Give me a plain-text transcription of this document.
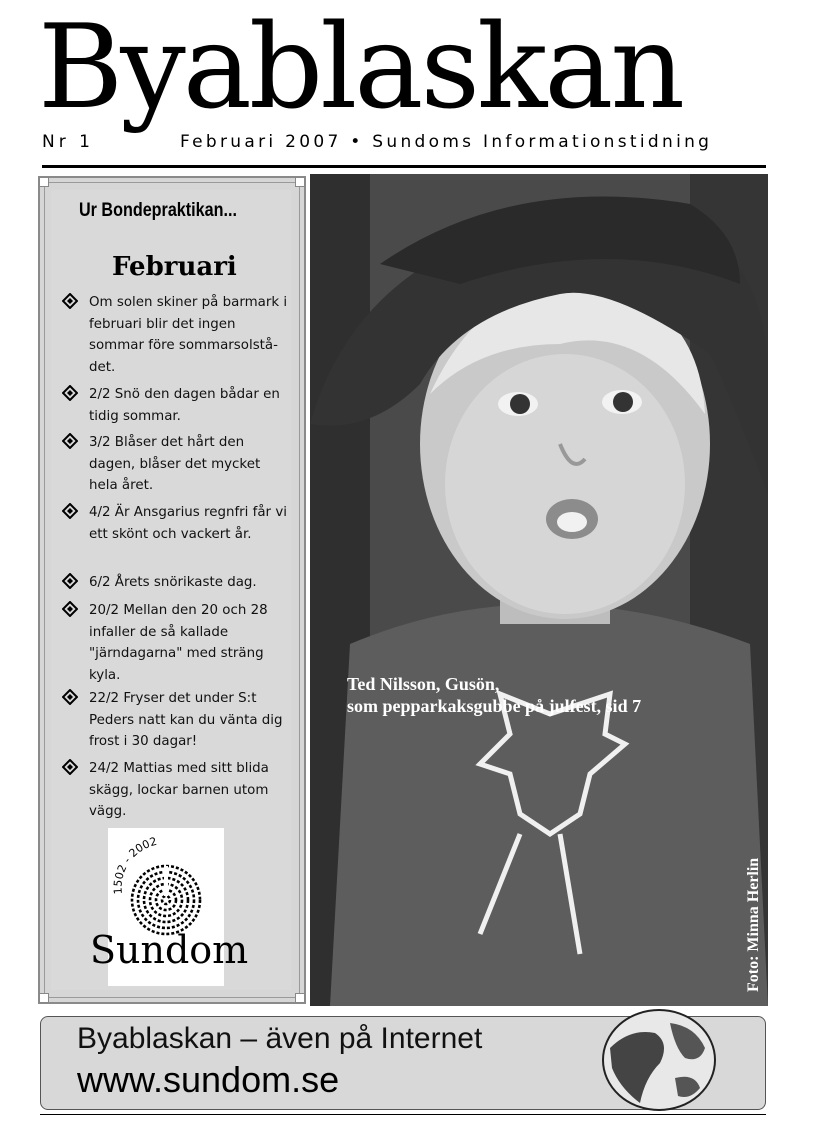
Byablaskan
Nr 1	Februari 2007 • Sundoms Informationstidning
Ur Bondepraktikan...
Februari
Om solen skiner på barmark i februari blir det ingen sommar före sommarsolstå-det.
2/2 Snö den dagen bådar en tidig sommar.
3/2 Blåser det hårt den dagen, blåser det mycket hela året.
4/2 Är Ansgarius regnfri får vi ett skönt och vackert år.
6/2 Årets snörikaste dag.
20/2 Mellan den 20 och 28 infaller de så kallade "järndagarna" med sträng kyla.
22/2 Fryser det under S:t Peders natt kan du vänta dig frost i 30 dagar!
24/2 Mattias med sitt blida skägg, lockar barnen utom vägg.
1502 - 2002
Sundom
Ted Nilsson, Gusön,
som pepparkaksgubbe på julfest, sid 7
Foto: Minna Herlin
Byablaskan – även på Internet
www.sundom.se
